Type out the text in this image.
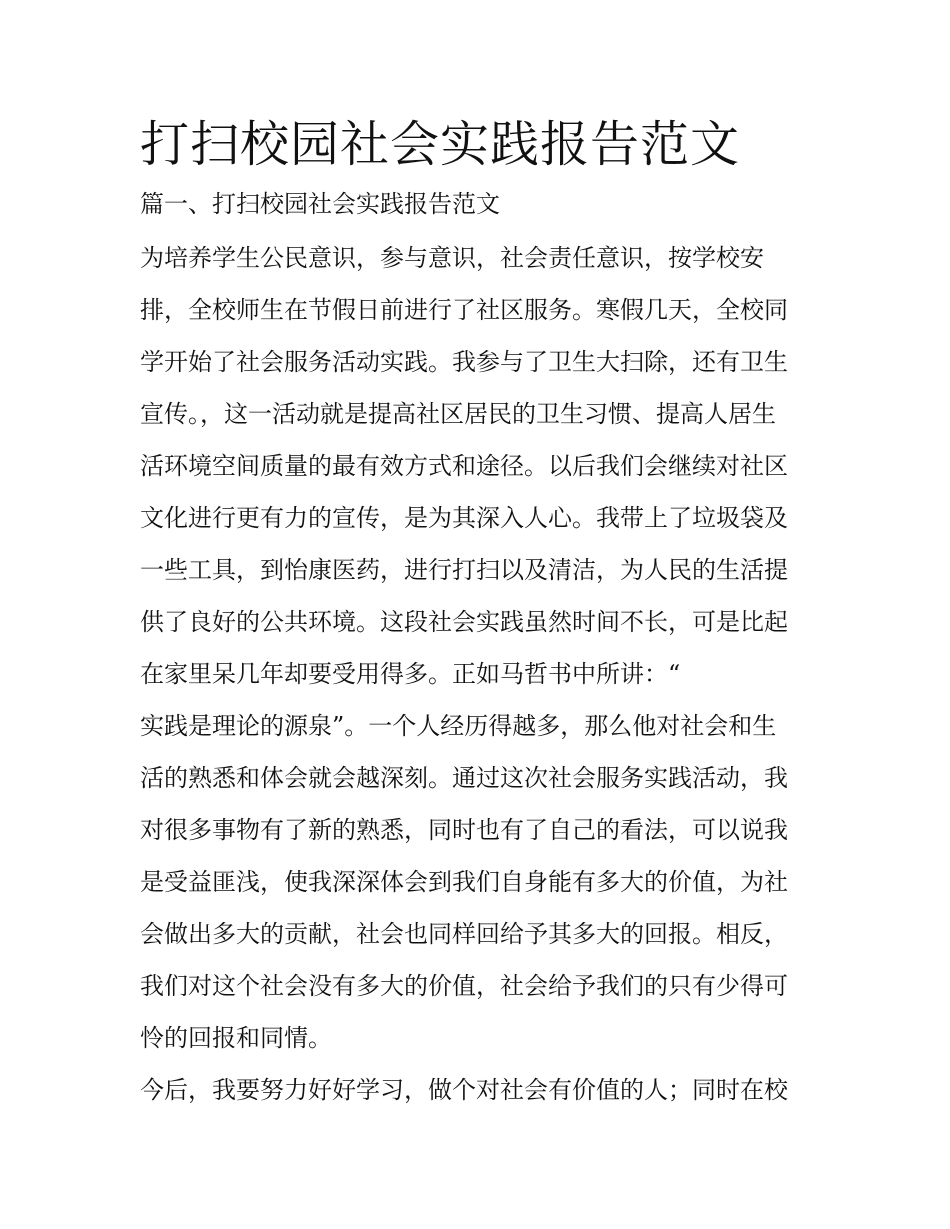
打扫校园社会实践报告范文
篇一、打扫校园社会实践报告范文
为培养学生公民意识，参与意识，社会责任意识，按学校安
排，全校师生在节假日前进行了社区服务。寒假几天，全校同
学开始了社会服务活动实践。我参与了卫生大扫除，还有卫生
宣传。，这一活动就是提高社区居民的卫生习惯、提高人居生
活环境空间质量的最有效方式和途径。以后我们会继续对社区
文化进行更有力的宣传，是为其深入人心。我带上了垃圾袋及
一些工具，到怡康医药，进行打扫以及清洁，为人民的生活提
供了良好的公共环境。这段社会实践虽然时间不长，可是比起
在家里呆几年却要受用得多。正如马哲书中所讲：“
实践是理论的源泉”。一个人经历得越多，那么他对社会和生
活的熟悉和体会就会越深刻。通过这次社会服务实践活动，我
对很多事物有了新的熟悉，同时也有了自己的看法，可以说我
是受益匪浅，使我深深体会到我们自身能有多大的价值，为社
会做出多大的贡献，社会也同样回给予其多大的回报。相反，
我们对这个社会没有多大的价值，社会给予我们的只有少得可
怜的回报和同情。
今后，我要努力好好学习，做个对社会有价值的人；同时在校
